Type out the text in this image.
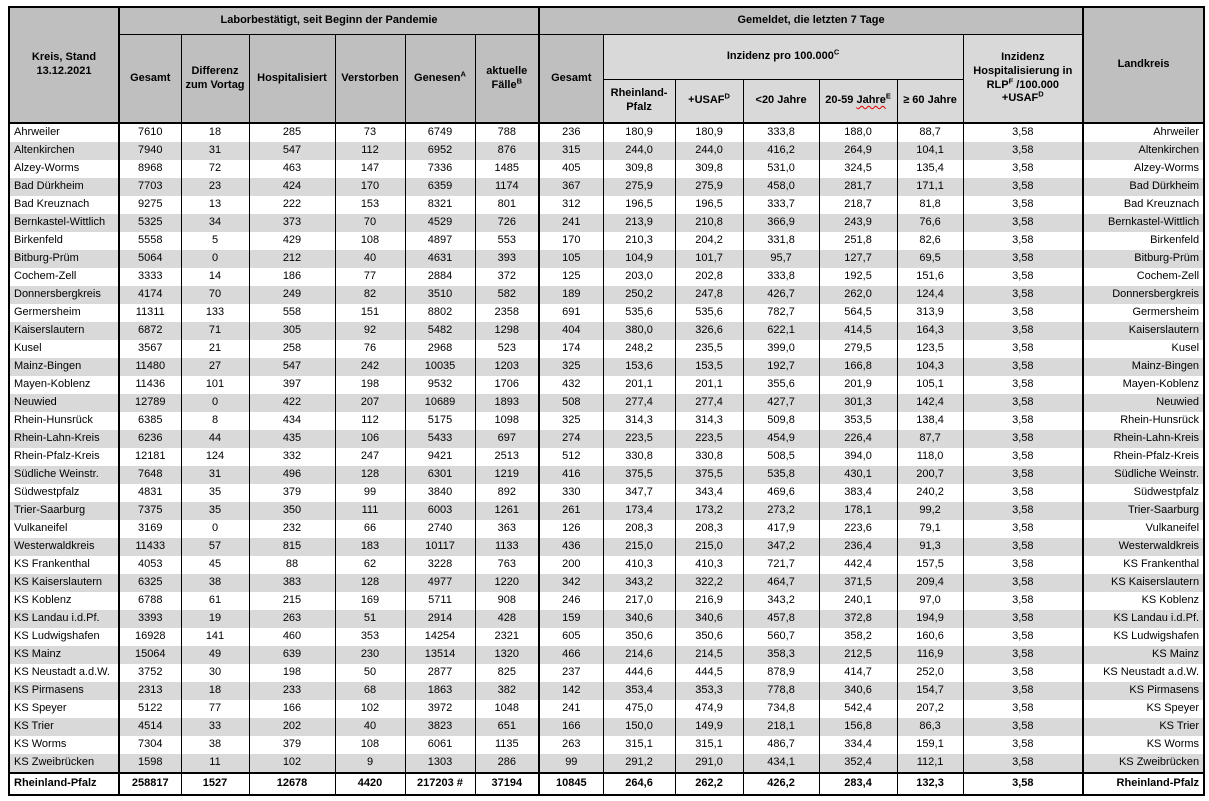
Kreis, Stand 13.12.2021	Laborbestätigt, seit Beginn der Pandemie						Gemeldet, die letzten 7 Tage							Landkreis
	Gesamt	Differenz zum Vortag	Hospitalisiert	Verstorben	Genesen$^A$	aktuelle Fälle$^B$	Gesamt	Inzidenz pro $100.000^C$					Inzidenz Hospitalisierung in $RLP^F$ $/100.000 +USAF^D$
								Rheinland-Pfalz	$+USAF^D$	<20 Jahre	20-59 Jahre$^E$	≥ 60 Jahre		
Ahrweiler	7610	18	285	73	6749	788	236	180,9	180,9	333,8	188,0	88,7	3,58	Ahrweiler
Altenkirchen	7940	31	547	112	6952	876	315	244,0	244,0	416,2	264,9	104,1	3,58	Altenkirchen
Alzey-Worms	8968	72	463	147	7336	1485	405	309,8	309,8	531,0	324,5	135,4	3,58	Alzey-Worms
Bad Dürkheim	7703	23	424	170	6359	1174	367	275,9	275,9	458,0	281,7	171,1	3,58	Bad Dürkheim
Bad Kreuznach	9275	13	222	153	8321	801	312	196,5	196,5	333,7	218,7	81,8	3,58	Bad Kreuznach
Bernkastel-Wittlich	5325	34	373	70	4529	726	241	213,9	210,8	366,9	243,9	76,6	3,58	Bernkastel-Wittlich
Birkenfeld	5558	5	429	108	4897	553	170	210,3	204,2	331,8	251,8	82,6	3,58	Birkenfeld
Bitburg-Prüm	5064	0	212	40	4631	393	105	104,9	101,7	95,7	127,7	69,5	3,58	Bitburg-Prüm
Cochem-Zell	3333	14	186	77	2884	372	125	203,0	202,8	333,8	192,5	151,6	3,58	Cochem-Zell
Donnersbergkreis	4174	70	249	82	3510	582	189	250,2	247,8	426,7	262,0	124,4	3,58	Donnersbergkreis
Germersheim	11311	133	558	151	8802	2358	691	535,6	535,6	782,7	564,5	313,9	3,58	Germersheim
Kaiserslautern	6872	71	305	92	5482	1298	404	380,0	326,6	622,1	414,5	164,3	3,58	Kaiserslautern
Kusel	3567	21	258	76	2968	523	174	248,2	235,5	399,0	279,5	123,5	3,58	Kusel
Mainz-Bingen	11480	27	547	242	10035	1203	325	153,6	153,5	192,7	166,8	104,3	3,58	Mainz-Bingen
Mayen-Koblenz	11436	101	397	198	9532	1706	432	201,1	201,1	355,6	201,9	105,1	3,58	Mayen-Koblenz
Neuwied	12789	0	422	207	10689	1893	508	277,4	277,4	427,7	301,3	142,4	3,58	Neuwied
Rhein-Hunsrück	6385	8	434	112	5175	1098	325	314,3	314,3	509,8	353,5	138,4	3,58	Rhein-Hunsrück
Rhein-Lahn-Kreis	6236	44	435	106	5433	697	274	223,5	223,5	454,9	226,4	87,7	3,58	Rhein-Lahn-Kreis
Rhein-Pfalz-Kreis	12181	124	332	247	9421	2513	512	330,8	330,8	508,5	394,0	118,0	3,58	Rhein-Pfalz-Kreis
Südliche Weinstr.	7648	31	496	128	6301	1219	416	375,5	375,5	535,8	430,1	200,7	3,58	Südliche Weinstr.
Südwestpfalz	4831	35	379	99	3840	892	330	347,7	343,4	469,6	383,4	240,2	3,58	Südwestpfalz
Trier-Saarburg	7375	35	350	111	6003	1261	261	173,4	173,2	273,2	178,1	99,2	3,58	Trier-Saarburg
Vulkaneifel	3169	0	232	66	2740	363	126	208,3	208,3	417,9	223,6	79,1	3,58	Vulkaneifel
Westerwaldkreis	11433	57	815	183	10117	1133	436	215,0	215,0	347,2	236,4	91,3	3,58	Westerwaldkreis
KS Frankenthal	4053	45	88	62	3228	763	200	410,3	410,3	721,7	442,4	157,5	3,58	KS Frankenthal
KS Kaiserslautern	6325	38	383	128	4977	1220	342	343,2	322,2	464,7	371,5	209,4	3,58	KS Kaiserslautern
KS Koblenz	6788	61	215	169	5711	908	246	217,0	216,9	343,2	240,1	97,0	3,58	KS Koblenz
KS Landau i.d.Pf.	3393	19	263	51	2914	428	159	340,6	340,6	457,8	372,8	194,9	3,58	KS Landau i.d.Pf.
KS Ludwigshafen	16928	141	460	353	14254	2321	605	350,6	350,6	560,7	358,2	160,6	3,58	KS Ludwigshafen
KS Mainz	15064	49	639	230	13514	1320	466	214,6	214,5	358,3	212,5	116,9	3,58	KS Mainz
KS Neustadt a.d.W.	3752	30	198	50	2877	825	237	444,6	444,5	878,9	414,7	252,0	3,58	KS Neustadt a.d.W.
KS Pirmasens	2313	18	233	68	1863	382	142	353,4	353,3	778,8	340,6	154,7	3,58	KS Pirmasens
KS Speyer	5122	77	166	102	3972	1048	241	475,0	474,9	734,8	542,4	207,2	3,58	KS Speyer
KS Trier	4514	33	202	40	3823	651	166	150,0	149,9	218,1	156,8	86,3	3,58	KS Trier
KS Worms	7304	38	379	108	6061	1135	263	315,1	315,1	486,7	334,4	159,1	3,58	KS Worms
KS Zweibrücken	1598	11	102	9	1303	286	99	291,2	291,0	434,1	352,4	112,1	3,58	KS Zweibrücken
Rheinland-Pfalz	258817	1527	12678	4420	217203 #	37194	10845	264,6	262,2	426,2	283,4	132,3	3,58	Rheinland-Pfalz
